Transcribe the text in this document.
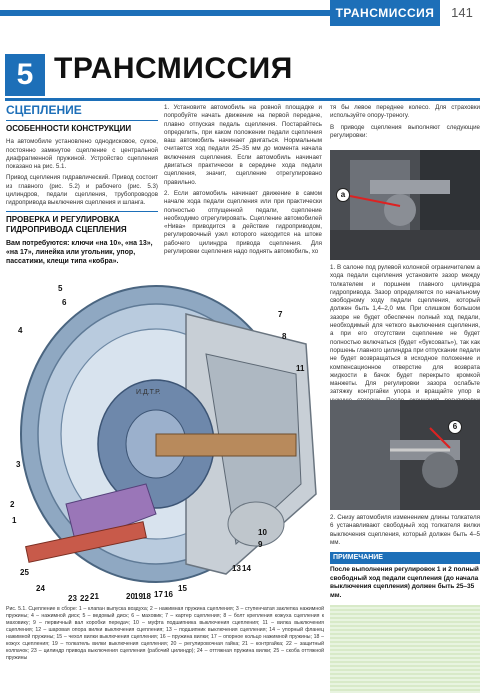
ТРАНСМИССИЯ	141
5 ТРАНСМИССИЯ
СЦЕПЛЕНИЕ
ОСОБЕННОСТИ КОНСТРУКЦИИ

На автомобиле установлено однодисковое, сухое, постоянно замкнутое сцепление с центральной диафрагменной пружиной. Устройство сцепления показано на рис. 5.1.

Привод сцепления гидравлический. Привод состоит из главного (рис. 5.2) и рабочего (рис. 5.3) цилиндров, педали сцепления, трубопроводов гидропривода выключения сцепления и шланга.

ПРОВЕРКА И РЕГУЛИРОВКА ГИДРОПРИВОДА СЦЕПЛЕНИЯ
Вам потребуются: ключи «на 10», «на 13», «на 17», линейка или угольник, упор, пассатижи, клещи типа «кобра».

1. Установите автомобиль на ровной площадке и попробуйте начать движение на первой передаче, плавно отпуская педаль сцепления. Постарайтесь определить, при каком положении педали сцепления ваш автомобиль начинает двигаться. Нормальным считается ход педали 25–35 мм до момента начала включения сцепления. Если автомобиль начинает двигаться практически в середине хода педали сцепления, значит, сцепление отрегулировано правильно.

2. Если автомобиль начинает движение в самом начале хода педали сцепления или при практически полностью отпущенной педали, сцепление необходимо отрегулировать. Сцепление автомобилей «Нива» приводится в действие гидроприводом, регулировочный узел которого находится на штоке рабочего цилиндра привода сцепления. Для регулировки сцепления надо поднять автомобиль, хо

тя бы левое переднее колесо. Для страховки используйте опору-треногу.

В приводе сцепления выполняют следующие регулировки:

а
1. В салоне под рулевой колонкой ограничителем а хода педали сцепления установите зазор между толкателем и поршнем главного цилиндра гидропривода. Зазор определяется по начальному свободному ходу педали сцепления, который должен быть 1,4–2,0 мм. При слишком большом зазоре не будет обеспечен полный ход педали, необходимый для четкого выключения сцепления, а при его отсутствии сцепление не будет полностью включаться (будет «буксовать»), так как поршень главного цилиндра при отпускании педали не будет возвращаться в исходное положение и компенсационное отверстие для возврата жидкости в бачок будет перекрыто кромкой манжеты. Для регулировки зазора ослабьте затяжку контргайки упора и вращайте упор в
6
2. Снизу автомобиля изменением длины толкателя 6 устанавливают свободный ход толкателя вилки выключения сцепления, который должен быть 4–5 мм.
ПРИМЕЧАНИЕ
После выполнения регулировок 1 и 2 полный свободный ход педали сцепления (до начала выключения сцепления) должен быть 25–35 мм.
И.Д.Т.Р.
5
6
4
7
8
11
3
2
1
10
9
14
13
15
16
17
18
19
20
21
22
23
24
25
Рис. 5.1. Сцепление в сборе: 1 – клапан выпуска воздуха; 2 – нажимная пружина сцепления; 3 – ступенчатая заклепка нажимной пружины; 4 – нажимной диск; 5 – ведомый диск; 6 – маховик; 7 – картер сцепления; 8 – болт крепления кожуха сцепления к маховику; 9 – первичный вал коробки передач; 10 – муфта подшипника выключения сцепления; 11 – вилка выключения сцепления; 12 – шаровая опора вилки выключения сцепления; 13 – подшипник выключения сцепления; 14 – упорный фланец нажимной пружины; 15 – чехол вилки выключения сцепления; 16 – пружина вилки; 17 – опорное кольцо нажимной пружины; 18 – кожух сцепления; 19 – толкатель вилки выключения сцепления; 20 – регулировочная гайка; 21 – контргайка; 22 – защитный колпачок; 23 – цилиндр привода выключения сцепления (рабочий цилиндр); 24 – оттяжная пружина вилки; 25 – скоба оттяжной пружины
